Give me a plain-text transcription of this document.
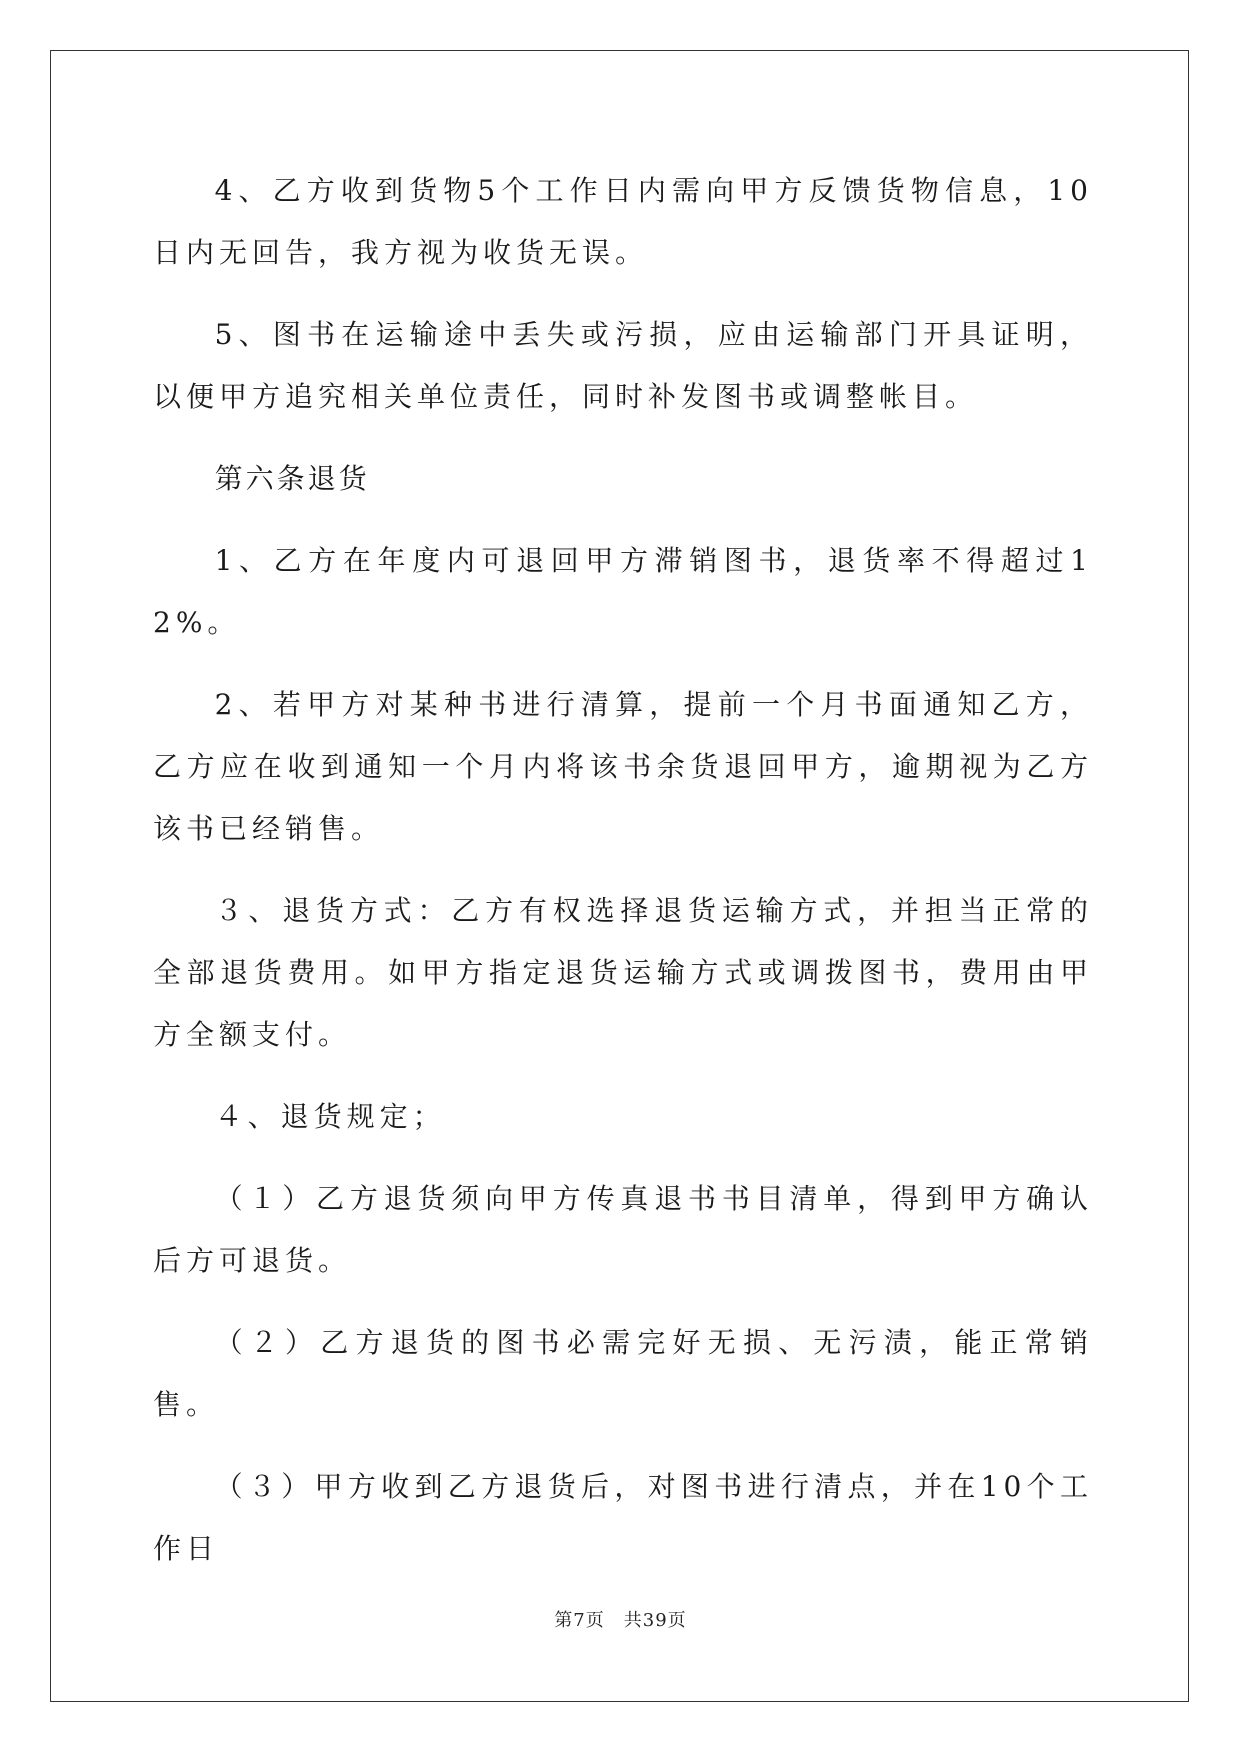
4、乙方收到货物5个工作日内需向甲方反馈货物信息，10日内无回告，我方视为收货无误。

5、图书在运输途中丢失或污损，应由运输部门开具证明，以便甲方追究相关单位责任，同时补发图书或调整帐目。

第六条退货

1、乙方在年度内可退回甲方滞销图书，退货率不得超过12%。

2、若甲方对某种书进行清算，提前一个月书面通知乙方，乙方应在收到通知一个月内将该书余货退回甲方，逾期视为乙方该书已经销售。

３、退货方式：乙方有权选择退货运输方式，并担当正常的全部退货费用。如甲方指定退货运输方式或调拨图书，费用由甲方全额支付。

４、退货规定；

（１）乙方退货须向甲方传真退书书目清单，得到甲方确认后方可退货。

（２）乙方退货的图书必需完好无损、无污渍，能正常销售。

（３）甲方收到乙方退货后，对图书进行清点，并在10个工作日

第7页　共39页
